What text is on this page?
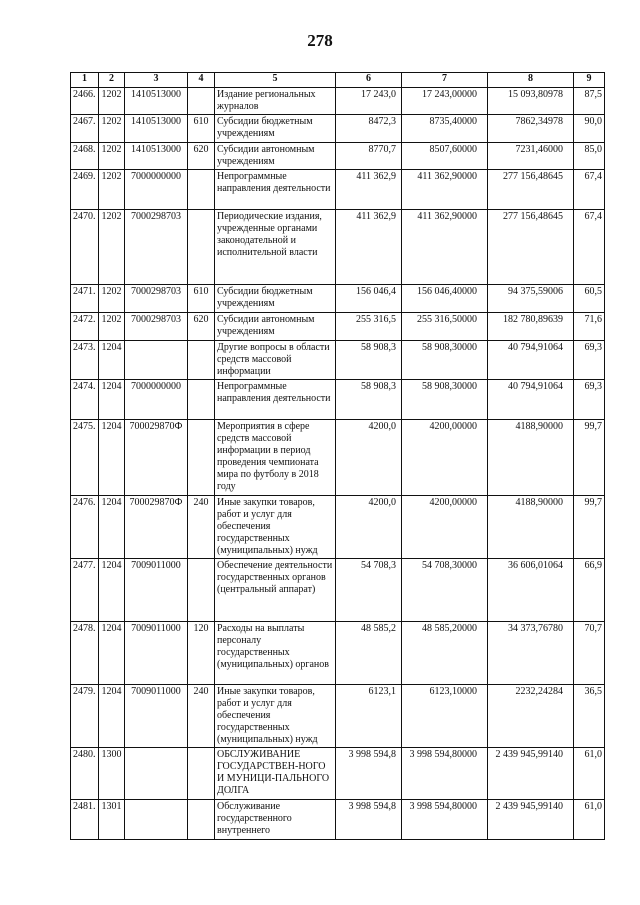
278
1	2	3	4	5	6	7	8	9
2466.	1202	1410513000		Издание региональных журналов	17 243,0	17 243,00000	15 093,80978	87,5
2467.	1202	1410513000	610	Субсидии бюджетным учреждениям	8472,3	8735,40000	7862,34978	90,0
2468.	1202	1410513000	620	Субсидии автономным учреждениям	8770,7	8507,60000	7231,46000	85,0
2469.	1202	7000000000		Непрограммные направления деятельности	411 362,9	411 362,90000	277 156,48645	67,4
2470.	1202	7000298703		Периодические издания, учрежденные органами законодательной и исполнительной власти	411 362,9	411 362,90000	277 156,48645	67,4
2471.	1202	7000298703	610	Субсидии бюджетным учреждениям	156 046,4	156 046,40000	94 375,59006	60,5
2472.	1202	7000298703	620	Субсидии автономным учреждениям	255 316,5	255 316,50000	182 780,89639	71,6
2473.	1204			Другие вопросы в области средств массовой информации	58 908,3	58 908,30000	40 794,91064	69,3
2474.	1204	7000000000		Непрограммные направления деятельности	58 908,3	58 908,30000	40 794,91064	69,3
2475.	1204	700029870Ф		Мероприятия в сфере средств массовой информации в период проведения чемпионата мира по футболу в 2018 году	4200,0	4200,00000	4188,90000	99,7
2476.	1204	700029870Ф	240	Иные закупки товаров, работ и услуг для обеспечения государственных (муниципальных) нужд	4200,0	4200,00000	4188,90000	99,7
2477.	1204	7009011000		Обеспечение деятельности государственных органов (центральный аппарат)	54 708,3	54 708,30000	36 606,01064	66,9
2478.	1204	7009011000	120	Расходы на выплаты персоналу государственных (муниципальных) органов	48 585,2	48 585,20000	34 373,76780	70,7
2479.	1204	7009011000	240	Иные закупки товаров, работ и услуг для обеспечения государственных (муниципальных) нужд	6123,1	6123,10000	2232,24284	36,5
2480.	1300			ОБСЛУЖИВАНИЕ ГОСУДАРСТВЕН-НОГО И МУНИЦИ-ПАЛЬНОГО ДОЛГА	3 998 594,8	3 998 594,80000	2 439 945,99140	61,0
2481.	1301			Обслуживание государственного внутреннего	3 998 594,8	3 998 594,80000	2 439 945,99140	61,0
